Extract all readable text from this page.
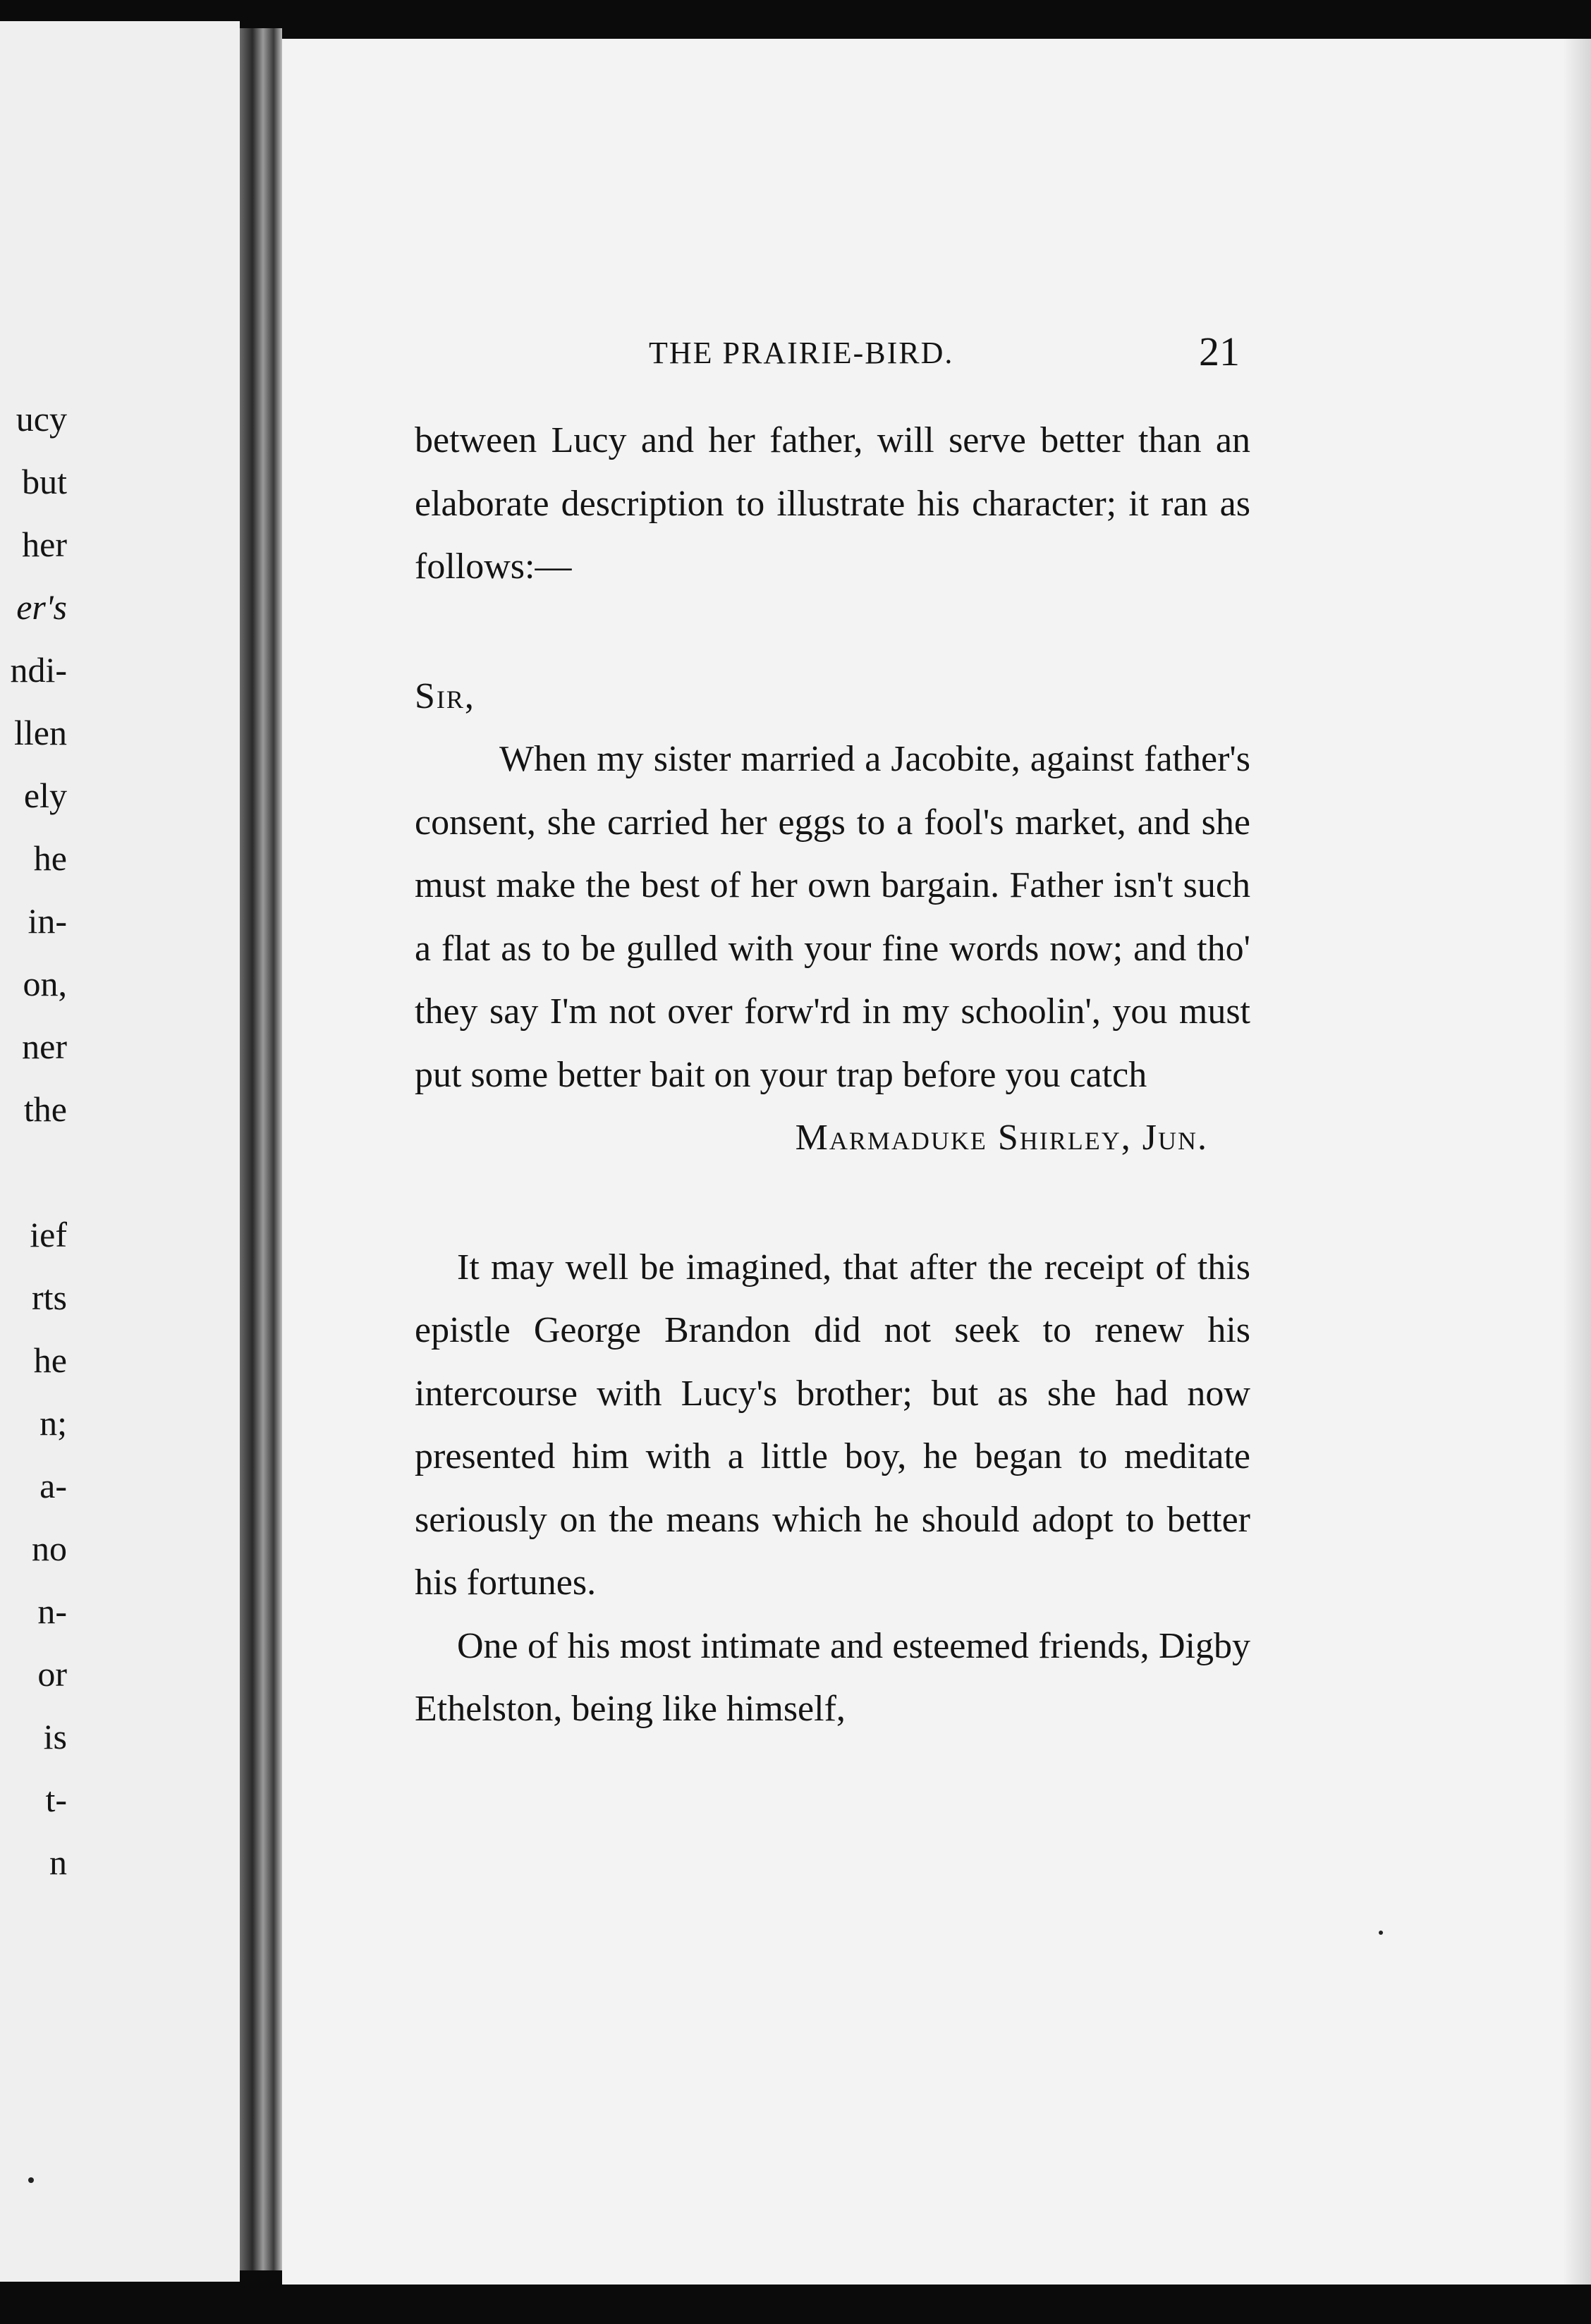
ucy
but
her
er's
ndi-
llen
ely
he
in-
on,
ner
the

ief
rts
he
n;
a-
no
n-
or
is
t-
n
THE PRAIRIE-BIRD.	21

between Lucy and her father, will serve better than an elaborate description to illustrate his character; it ran as follows:—

Sir,

When my sister married a Jacobite, against father's consent, she carried her eggs to a fool's market, and she must make the best of her own bargain. Father isn't such a flat as to be gulled with your fine words now; and tho' they say I'm not over forw'rd in my schoolin', you must put some better bait on your trap before you catch

Marmaduke Shirley, Jun.

It may well be imagined, that after the receipt of this epistle George Brandon did not seek to renew his intercourse with Lucy's brother; but as she had now presented him with a little boy, he began to meditate seriously on the means which he should adopt to better his fortunes.

One of his most intimate and esteemed friends, Digby Ethelston, being like himself,
